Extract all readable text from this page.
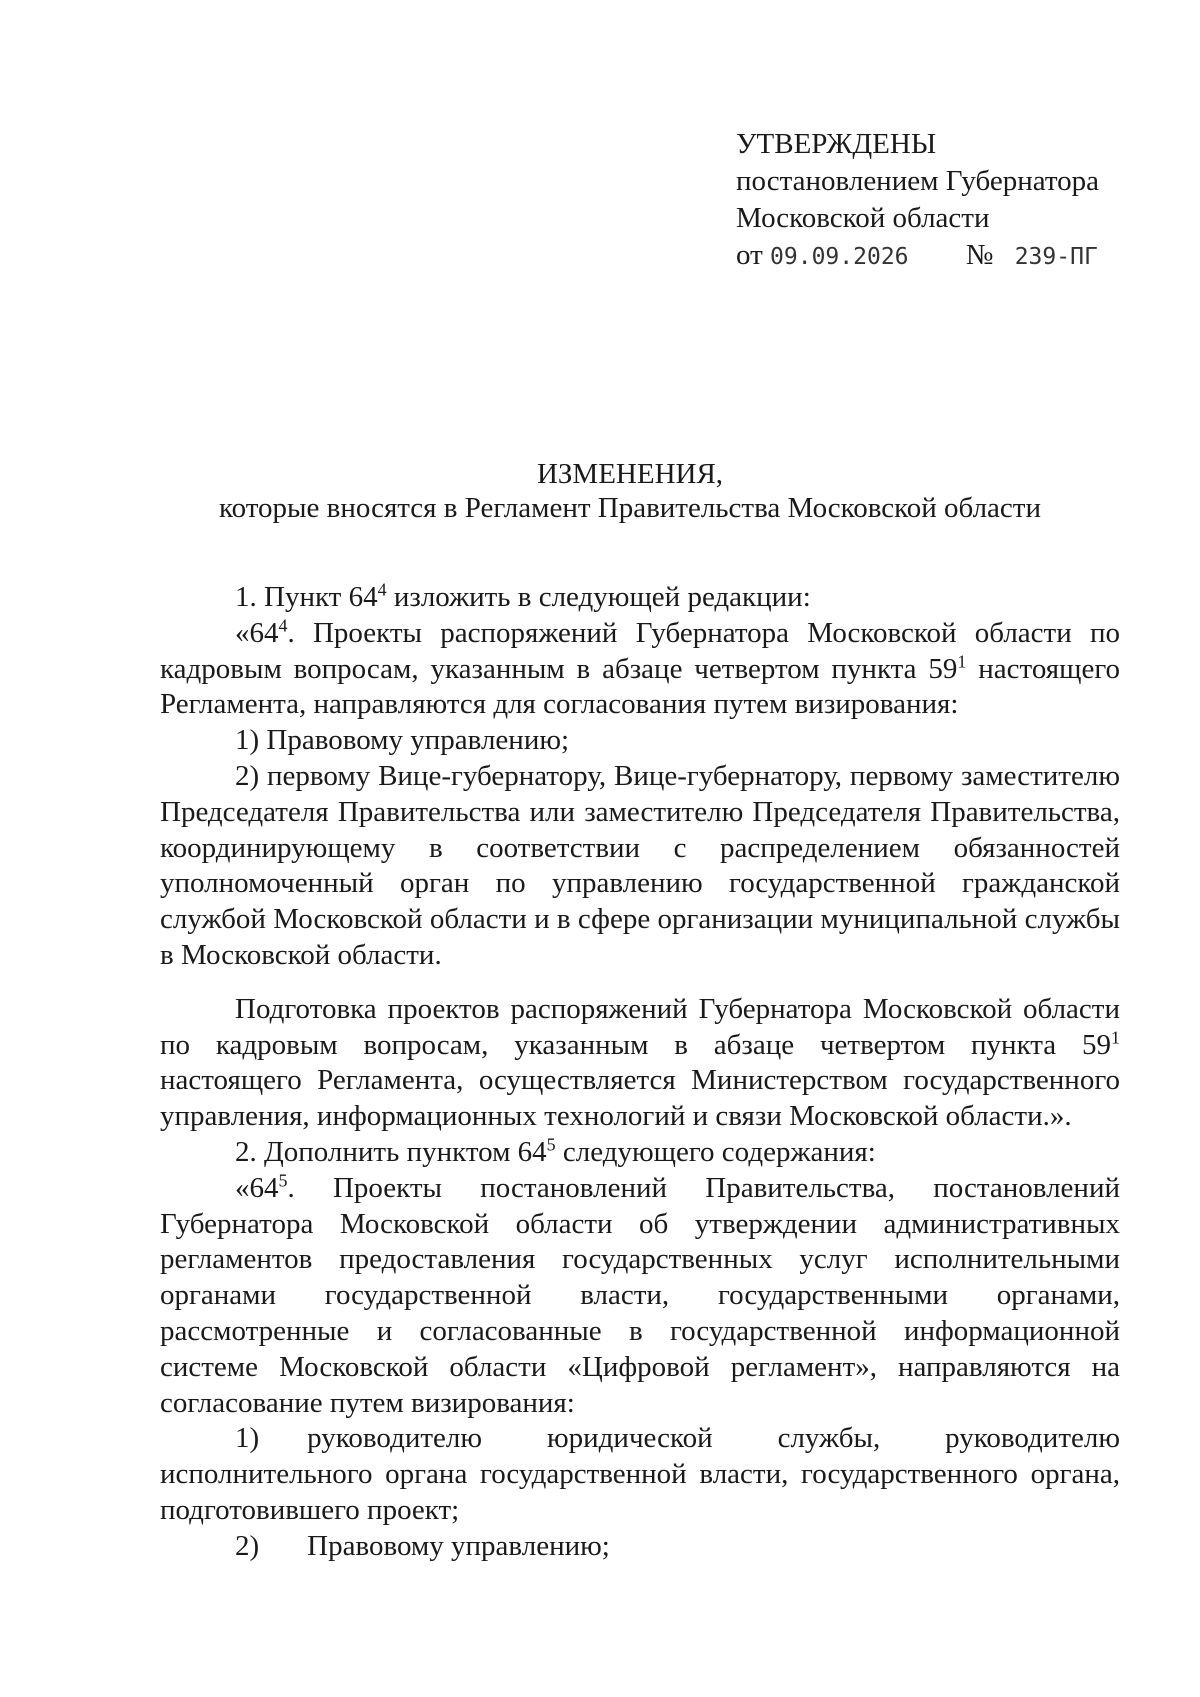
УТВЕРЖДЕНЫ
постановлением Губернатора
Московской области
от 09.09.2026 № 239-ПГ
ИЗМЕНЕНИЯ,
которые вносятся в Регламент Правительства Московской области

1. Пункт $64^4$ изложить в следующей редакции:

«$64^4$. Проекты распоряжений Губернатора Московской области по кадровым вопросам, указанным в абзаце четвертом пункта $59^1$ настоящего Регламента, направляются для согласования путем визирования:

1) Правовому управлению;

2) первому Вице-губернатору, Вице-губернатору, первому заместителю Председателя Правительства или заместителю Председателя Правительства, координирующему в соответствии с распределением обязанностей уполномоченный орган по управлению государственной гражданской службой Московской области и в сфере организации муниципальной службы в Московской области.

Подготовка проектов распоряжений Губернатора Московской области по кадровым вопросам, указанным в абзаце четвертом пункта $59^1$ настоящего Регламента, осуществляется Министерством государственного управления, информационных технологий и связи Московской области.».

2. Дополнить пунктом $64^5$ следующего содержания:

«$64^5$. Проекты постановлений Правительства, постановлений Губернатора Московской области об утверждении административных регламентов предоставления государственных услуг исполнительными органами государственной власти, государственными органами, рассмотренные и согласованные в государственной информационной системе Московской области «Цифровой регламент», направляются на согласование путем визирования:

1) руководителю юридической службы, руководителю исполнительного органа государственной власти, государственного органа, подготовившего проект;

2) Правовому управлению;
